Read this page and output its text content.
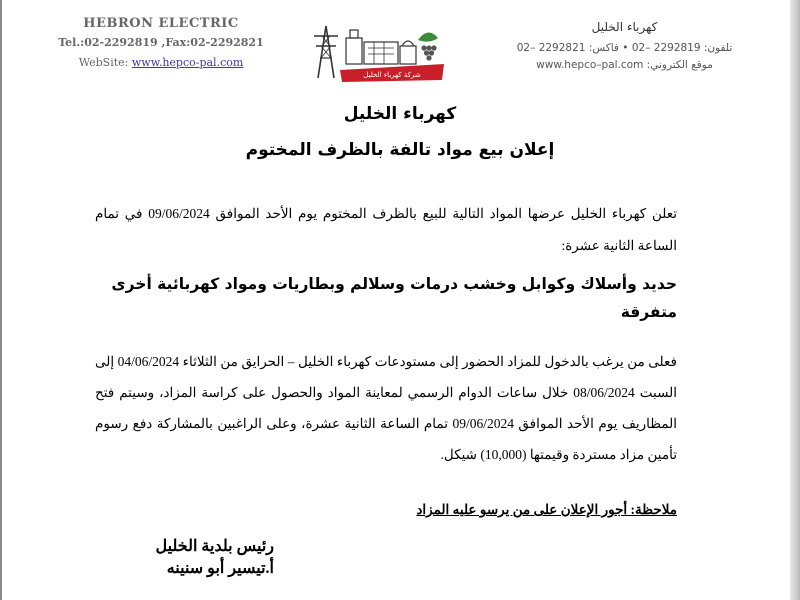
HEBRON ELECTRIC
Tel.:02-2292819 ,Fax:02-2292821
WebSite: www.hepco-pal.com
شركة كهرباء الخليل
كهرباء الخليل
تلفون: 2292819 –02 • فاكس: 2292821 –02
موقع الكتروني: www.hepco–pal.com
كهرباء الخليل
إعلان بيع مواد تالفة بالظرف المختوم
تعلن كهرباء الخليل عرضها المواد التالية للبيع بالظرف المختوم يوم الأحد الموافق 09/06/2024 في تمام الساعة الثانية عشرة:
حديد وأسلاك وكوابل وخشب درمات وسلالم وبطاريات ومواد كهربائية أخرى متفرقة
فعلى من يرغب بالدخول للمزاد الحضور إلى مستودعات كهرباء الخليل – الحرايق من الثلاثاء 04/06/2024 إلى السبت 08/06/2024 خلال ساعات الدوام الرسمي لمعاينة المواد والحصول على كراسة المزاد، وسيتم فتح المظاريف يوم الأحد الموافق 09/06/2024 تمام الساعة الثانية عشرة، وعلى الراغبين بالمشاركة دفع رسوم تأمين مزاد مستردة وقيمتها (10,000) شيكل.
ملاحظة: أجور الإعلان على من يرسو عليه المزاد
رئيس بلدية الخليل
أ.تيسير أبو سنينه
